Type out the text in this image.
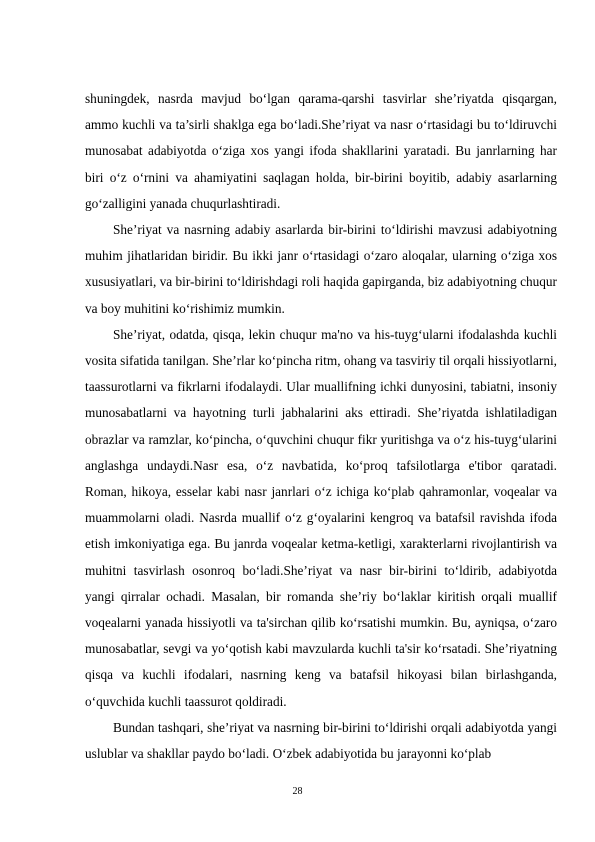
shuningdek, nasrda mavjud bo‘lgan qarama-qarshi tasvirlar she’riyatda qisqargan, ammo kuchli va ta’sirli shaklga ega bo‘ladi.She’riyat va nasr o‘rtasidagi bu to‘ldiruvchi munosabat adabiyotda o‘ziga xos yangi ifoda shakllarini yaratadi. Bu janrlarning har biri o‘z o‘rnini va ahamiyatini saqlagan holda, bir-birini boyitib, adabiy asarlarning go‘zalligini yanada chuqurlashtiradi.

She’riyat va nasrning adabiy asarlarda bir-birini to‘ldirishi mavzusi adabiyotning muhim jihatlaridan biridir. Bu ikki janr o‘rtasidagi o‘zaro aloqalar, ularning o‘ziga xos xususiyatlari, va bir-birini to‘ldirishdagi roli haqida gapirganda, biz adabiyotning chuqur va boy muhitini ko‘rishimiz mumkin.

She’riyat, odatda, qisqa, lekin chuqur ma'no va his-tuyg‘ularni ifodalashda kuchli vosita sifatida tanilgan. She’rlar ko‘pincha ritm, ohang va tasviriy til orqali hissiyotlarni, taassurotlarni va fikrlarni ifodalaydi. Ular muallifning ichki dunyosini, tabiatni, insoniy munosabatlarni va hayotning turli jabhalarini aks ettiradi. She’riyatda ishlatiladigan obrazlar va ramzlar, ko‘pincha, o‘quvchini chuqur fikr yuritishga va o‘z his-tuyg‘ularini anglashga undaydi.Nasr esa, o‘z navbatida, ko‘proq tafsilotlarga e'tibor qaratadi. Roman, hikoya, esselar kabi nasr janrlari o‘z ichiga ko‘plab qahramonlar, voqealar va muammolarni oladi. Nasrda muallif o‘z g‘oyalarini kengroq va batafsil ravishda ifoda etish imkoniyatiga ega. Bu janrda voqealar ketma-ketligi, xarakterlarni rivojlantirish va muhitni tasvirlash osonroq bo‘ladi.She’riyat va nasr bir-birini to‘ldirib, adabiyotda yangi qirralar ochadi. Masalan, bir romanda she’riy bo‘laklar kiritish orqali muallif voqealarni yanada hissiyotli va ta'sirchan qilib ko‘rsatishi mumkin. Bu, ayniqsa, o‘zaro munosabatlar, sevgi va yo‘qotish kabi mavzularda kuchli ta'sir ko‘rsatadi. She’riyatning qisqa va kuchli ifodalari, nasrning keng va batafsil hikoyasi bilan birlashganda, o‘quvchida kuchli taassurot qoldiradi.

Bundan tashqari, she’riyat va nasrning bir-birini to‘ldirishi orqali adabiyotda yangi uslublar va shakllar paydo bo‘ladi. O‘zbek adabiyotida bu jarayonni ko‘plab

28
